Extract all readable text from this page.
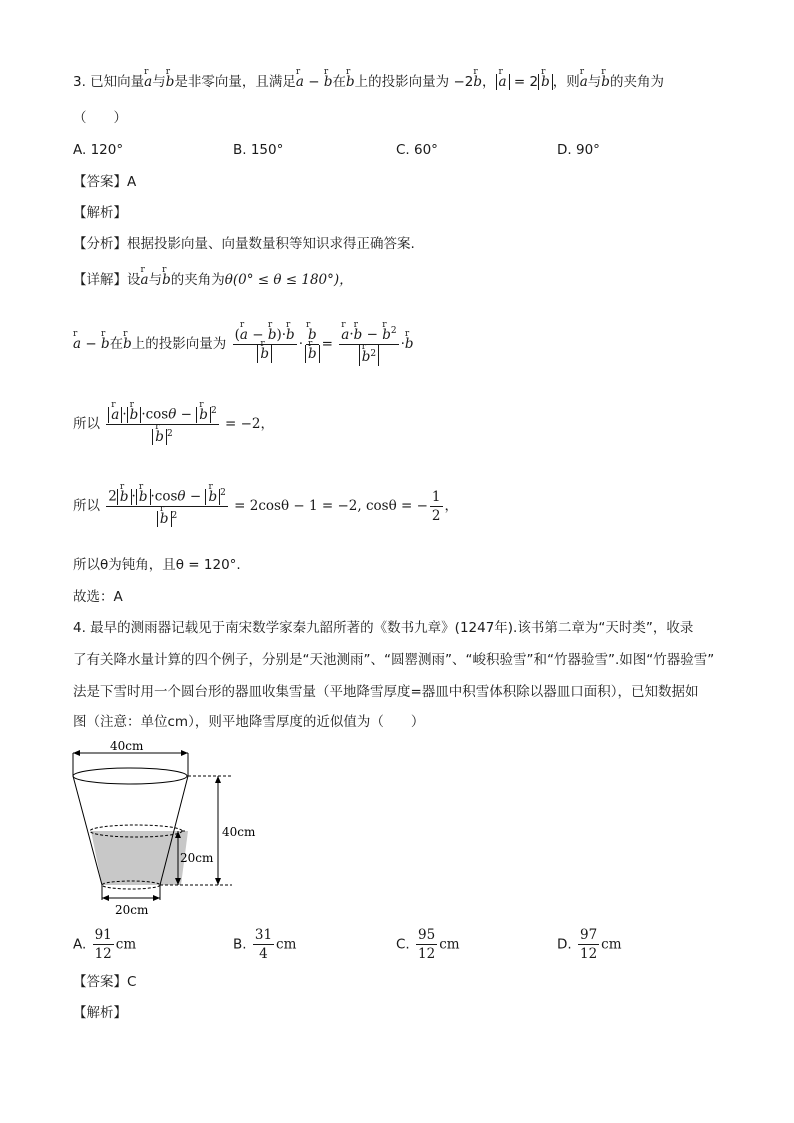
3. 已知向量r a与r b是非零向量，且满足r a − r b在r b上的投影向量为 −2r b， r a = 2 r b ，则r a与r b的夹角为
（　　）
A. 120°	B. 150°	C. 60°	D. 90°
【答案】A
【解析】
【分析】根据投影向量、向量数量积等知识求得正确答案.
【详解】设r a与r b的夹角为θ(0° ≤ θ ≤ 180°)，
r a − r b在r b上的投影向量为 (r a − r b)·r b
r b · r b
r b = r a·r b − r $b^2$
r $b^2 \cdot r$ b
所以 r a · r b ·cosθ − r b $^2$
r b $^2$ = −2，
所以 2 r b · r b ·cosθ − r b $^2$
r b $^2$ = 2cosθ − 1 = −2, cosθ = − $\frac{1}{2}$ ，
所以θ为钝角，且θ = 120°.
故选：A
4. 最早的测雨器记载见于南宋数学家秦九韶所著的《数书九章》(1247年).该书第二章为“天时类”，收录
了有关降水量计算的四个例子，分别是“天池测雨”、“圆罂测雨”、“峻积验雪”和“竹器验雪”.如图“竹器验雪”
法是下雪时用一个圆台形的器皿收集雪量（平地降雪厚度=器皿中积雪体积除以器皿口面积），已知数据如
图（注意：单位cm），则平地降雪厚度的近似值为（　　）
40cm
40cm
20cm
20cm
A. $\frac{91}{12}$ cm	B. $\frac{31}{4}$ cm	C. $\frac{95}{12}$ cm	D. $\frac{97}{12}$ cm
【答案】C
【解析】
